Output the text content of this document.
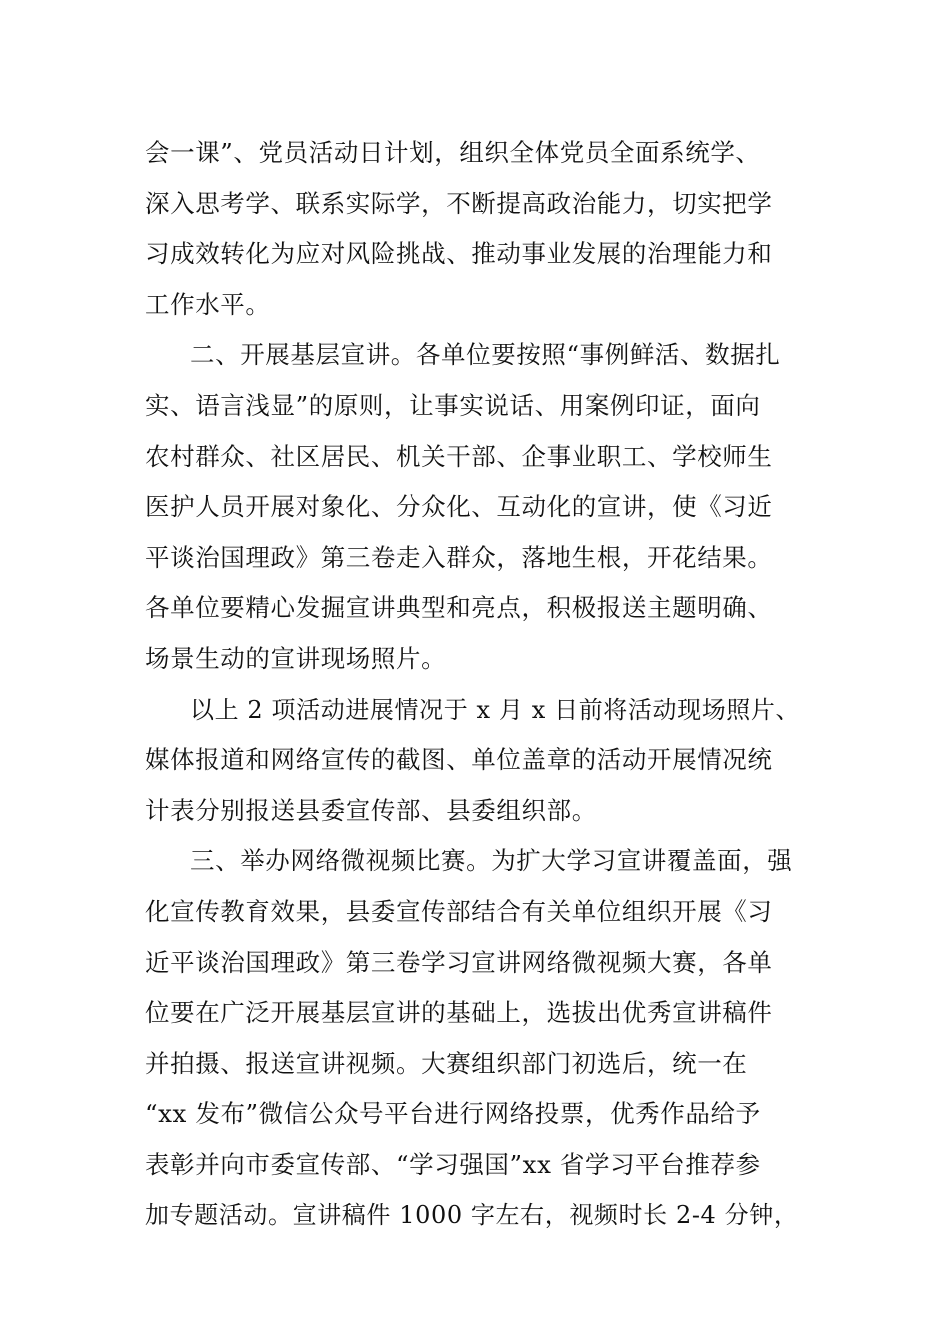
会一课”、党员活动日计划，组织全体党员全面系统学、
深入思考学、联系实际学，不断提高政治能力，切实把学
习成效转化为应对风险挑战、推动事业发展的治理能力和
工作水平。
二、开展基层宣讲。各单位要按照“事例鲜活、数据扎
实、语言浅显”的原则，让事实说话、用案例印证，面向
农村群众、社区居民、机关干部、企事业职工、学校师生
医护人员开展对象化、分众化、互动化的宣讲，使《习近
平谈治国理政》第三卷走入群众，落地生根，开花结果。
各单位要精心发掘宣讲典型和亮点，积极报送主题明确、
场景生动的宣讲现场照片。
以上 2 项活动进展情况于 x 月 x 日前将活动现场照片、
媒体报道和网络宣传的截图、单位盖章的活动开展情况统
计表分别报送县委宣传部、县委组织部。
三、举办网络微视频比赛。为扩大学习宣讲覆盖面，强
化宣传教育效果，县委宣传部结合有关单位组织开展《习
近平谈治国理政》第三卷学习宣讲网络微视频大赛，各单
位要在广泛开展基层宣讲的基础上，选拔出优秀宣讲稿件
并拍摄、报送宣讲视频。大赛组织部门初选后，统一在
“xx 发布”微信公众号平台进行网络投票，优秀作品给予
表彰并向市委宣传部、“学习强国”xx 省学习平台推荐参
加专题活动。宣讲稿件 1000 字左右，视频时长 2-4 分钟，
